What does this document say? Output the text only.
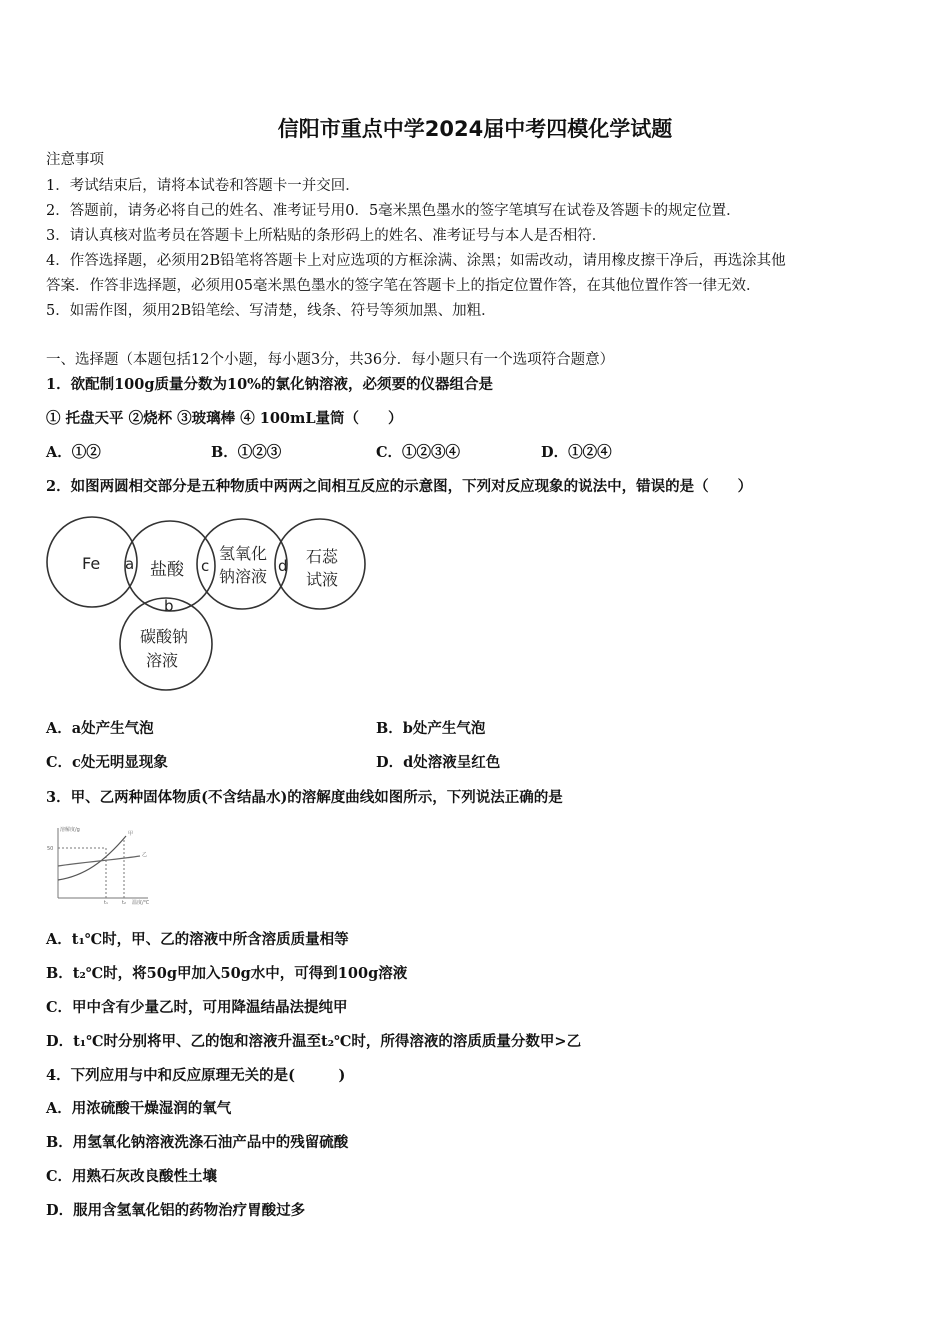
信阳市重点中学2024届中考四模化学试题
注意事项
1．考试结束后，请将本试卷和答题卡一并交回．
2．答题前，请务必将自己的姓名、准考证号用0．5毫米黑色墨水的签字笔填写在试卷及答题卡的规定位置．
3．请认真核对监考员在答题卡上所粘贴的条形码上的姓名、准考证号与本人是否相符．
4．作答选择题，必须用2B铅笔将答题卡上对应选项的方框涂满、涂黑；如需改动，请用橡皮擦干净后，再选涂其他
答案．作答非选择题，必须用05毫米黑色墨水的签字笔在答题卡上的指定位置作答，在其他位置作答一律无效．
5．如需作图，须用2B铅笔绘、写清楚，线条、符号等须加黑、加粗．
一、选择题（本题包括12个小题，每小题3分，共36分．每小题只有一个选项符合题意）
1．欲配制100g质量分数为10%的氯化钠溶液，必须要的仪器组合是
① 托盘天平 ②烧杯 ③玻璃棒 ④ 100mL量筒（　　）
A．①②	B．①②③	C．①②③④	D．①②④
2．如图两圆相交部分是五种物质中两两之间相互反应的示意图，下列对反应现象的说法中，错误的是（　　）
Fe	盐酸
氢氧化
钠溶液
石蕊
试液
碳酸钠
溶液
a	c	d
b
A．a处产生气泡	B．b处产生气泡
C．c处无明显现象	D．d处溶液呈红色
3．甲、乙两种固体物质(不含结晶水)的溶解度曲线如图所示，下列说法正确的是
溶解度/g
50
t₁	t₂ 温度/℃
甲
乙
A．t₁℃时，甲、乙的溶液中所含溶质质量相等
B．t₂℃时，将50g甲加入50g水中，可得到100g溶液
C．甲中含有少量乙时，可用降温结晶法提纯甲
D．t₁℃时分别将甲、乙的饱和溶液升温至t₂℃时，所得溶液的溶质质量分数甲>乙
4．下列应用与中和反应原理无关的是(　　　)
A．用浓硫酸干燥湿润的氧气
B．用氢氧化钠溶液洗涤石油产品中的残留硫酸
C．用熟石灰改良酸性土壤
D．服用含氢氧化铝的药物治疗胃酸过多
